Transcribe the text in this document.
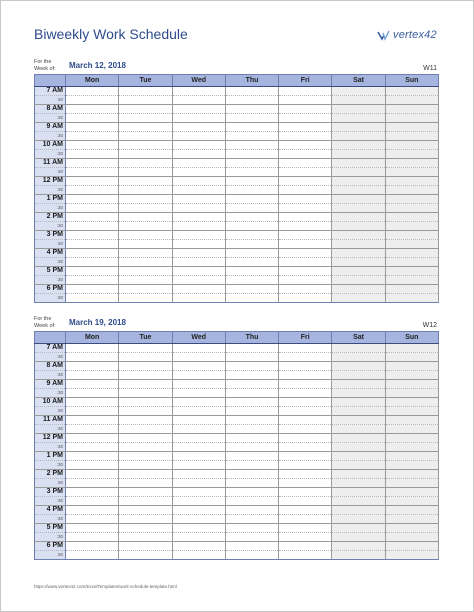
Biweekly Work Schedule	vertex42
For the Week of:	March 12, 2018	W11
	Mon	Tue	Wed	Thu	Fri	Sat	Sun
7 AM							
:30							
8 AM							
:30							
9 AM							
:30							
10 AM							
:30							
11 AM							
:30							
12 PM							
:30							
1 PM							
:30							
2 PM							
:30							
3 PM							
:30							
4 PM							
:30							
5 PM							
:30							
6 PM							
:30							
For the Week of:	March 19, 2018	W12
	Mon	Tue	Wed	Thu	Fri	Sat	Sun
7 AM							
:30							
8 AM							
:30							
9 AM							
:30							
10 AM							
:30							
11 AM							
:30							
12 PM							
:30							
1 PM							
:30							
2 PM							
:30							
3 PM							
:30							
4 PM							
:30							
5 PM							
:30							
6 PM							
:30							
https://www.vertex42.com/ExcelTemplates/work-schedule-template.html
